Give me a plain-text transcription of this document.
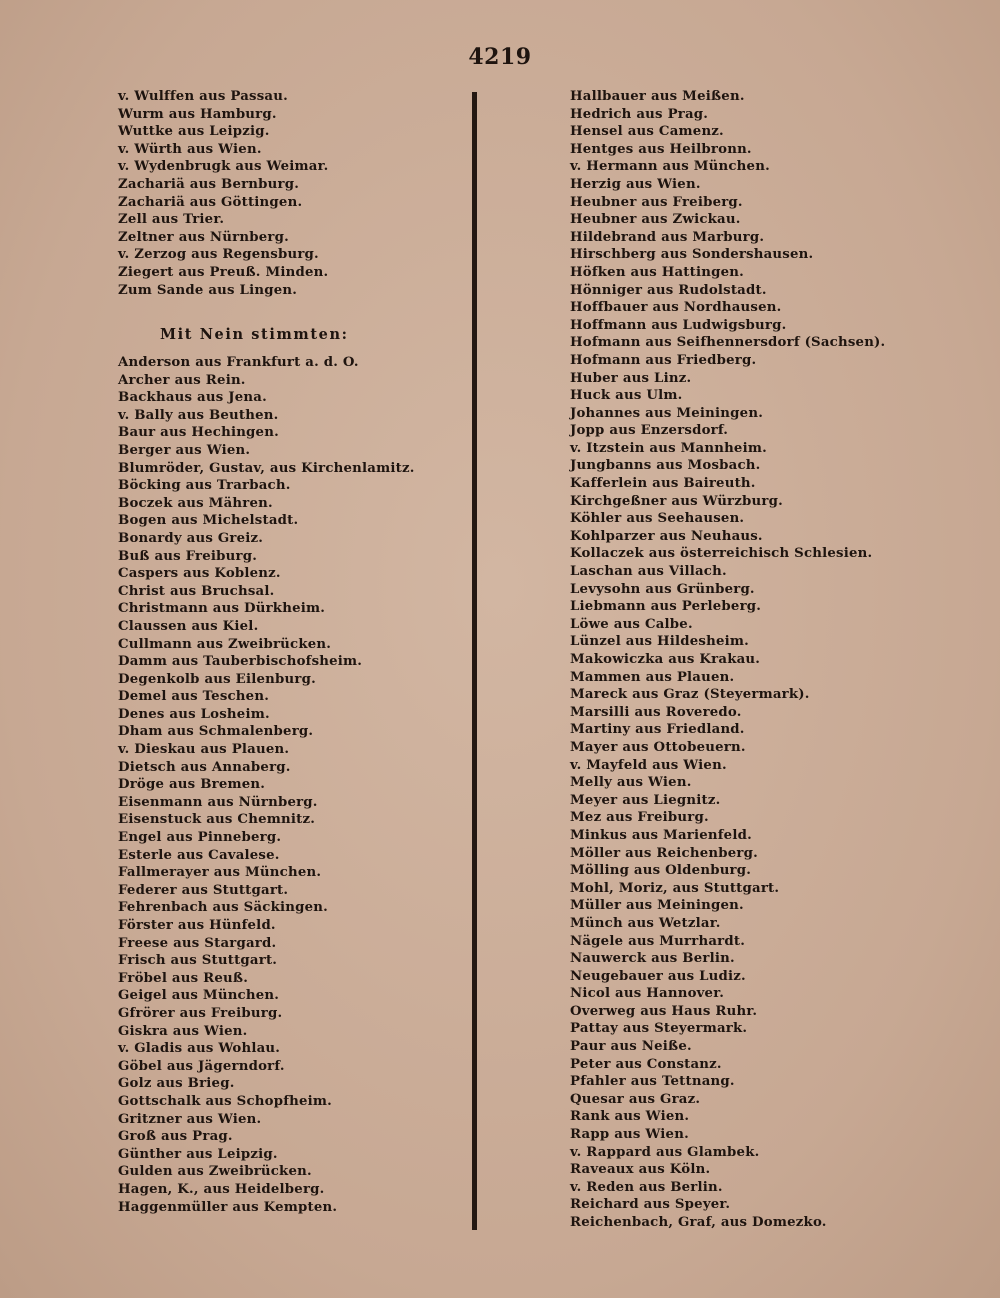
4219
v. Wulffen aus Passau.
Wurm aus Hamburg.
Wuttke aus Leipzig.
v. Würth aus Wien.
v. Wydenbrugk aus Weimar.
Zachariä aus Bernburg.
Zachariä aus Göttingen.
Zell aus Trier.
Zeltner aus Nürnberg.
v. Zerzog aus Regensburg.
Ziegert aus Preuß. Minden.
Zum Sande aus Lingen.
Mit Nein stimmten:
Anderson aus Frankfurt a. d. O.
Archer aus Rein.
Backhaus aus Jena.
v. Bally aus Beuthen.
Baur aus Hechingen.
Berger aus Wien.
Blumröder, Gustav, aus Kirchenlamitz.
Böcking aus Trarbach.
Boczek aus Mähren.
Bogen aus Michelstadt.
Bonardy aus Greiz.
Buß aus Freiburg.
Caspers aus Koblenz.
Christ aus Bruchsal.
Christmann aus Dürkheim.
Claussen aus Kiel.
Cullmann aus Zweibrücken.
Damm aus Tauberbischofsheim.
Degenkolb aus Eilenburg.
Demel aus Teschen.
Denes aus Losheim.
Dham aus Schmalenberg.
v. Dieskau aus Plauen.
Dietsch aus Annaberg.
Dröge aus Bremen.
Eisenmann aus Nürnberg.
Eisenstuck aus Chemnitz.
Engel aus Pinneberg.
Esterle aus Cavalese.
Fallmerayer aus München.
Federer aus Stuttgart.
Fehrenbach aus Säckingen.
Förster aus Hünfeld.
Freese aus Stargard.
Frisch aus Stuttgart.
Fröbel aus Reuß.
Geigel aus München.
Gfrörer aus Freiburg.
Giskra aus Wien.
v. Gladis aus Wohlau.
Göbel aus Jägerndorf.
Golz aus Brieg.
Gottschalk aus Schopfheim.
Gritzner aus Wien.
Groß aus Prag.
Günther aus Leipzig.
Gulden aus Zweibrücken.
Hagen, K., aus Heidelberg.
Haggenmüller aus Kempten.
Hallbauer aus Meißen.
Hedrich aus Prag.
Hensel aus Camenz.
Hentges aus Heilbronn.
v. Hermann aus München.
Herzig aus Wien.
Heubner aus Freiberg.
Heubner aus Zwickau.
Hildebrand aus Marburg.
Hirschberg aus Sondershausen.
Höfken aus Hattingen.
Hönniger aus Rudolstadt.
Hoffbauer aus Nordhausen.
Hoffmann aus Ludwigsburg.
Hofmann aus Seifhennersdorf (Sachsen).
Hofmann aus Friedberg.
Huber aus Linz.
Huck aus Ulm.
Johannes aus Meiningen.
Jopp aus Enzersdorf.
v. Itzstein aus Mannheim.
Jungbanns aus Mosbach.
Kafferlein aus Baireuth.
Kirchgeßner aus Würzburg.
Köhler aus Seehausen.
Kohlparzer aus Neuhaus.
Kollaczek aus österreichisch Schlesien.
Laschan aus Villach.
Levysohn aus Grünberg.
Liebmann aus Perleberg.
Löwe aus Calbe.
Lünzel aus Hildesheim.
Makowiczka aus Krakau.
Mammen aus Plauen.
Mareck aus Graz (Steyermark).
Marsilli aus Roveredo.
Martiny aus Friedland.
Mayer aus Ottobeuern.
v. Mayfeld aus Wien.
Melly aus Wien.
Meyer aus Liegnitz.
Mez aus Freiburg.
Minkus aus Marienfeld.
Möller aus Reichenberg.
Mölling aus Oldenburg.
Mohl, Moriz, aus Stuttgart.
Müller aus Meiningen.
Münch aus Wetzlar.
Nägele aus Murrhardt.
Nauwerck aus Berlin.
Neugebauer aus Ludiz.
Nicol aus Hannover.
Overweg aus Haus Ruhr.
Pattay aus Steyermark.
Paur aus Neiße.
Peter aus Constanz.
Pfahler aus Tettnang.
Quesar aus Graz.
Rank aus Wien.
Rapp aus Wien.
v. Rappard aus Glambek.
Raveaux aus Köln.
v. Reden aus Berlin.
Reichard aus Speyer.
Reichenbach, Graf, aus Domezko.
